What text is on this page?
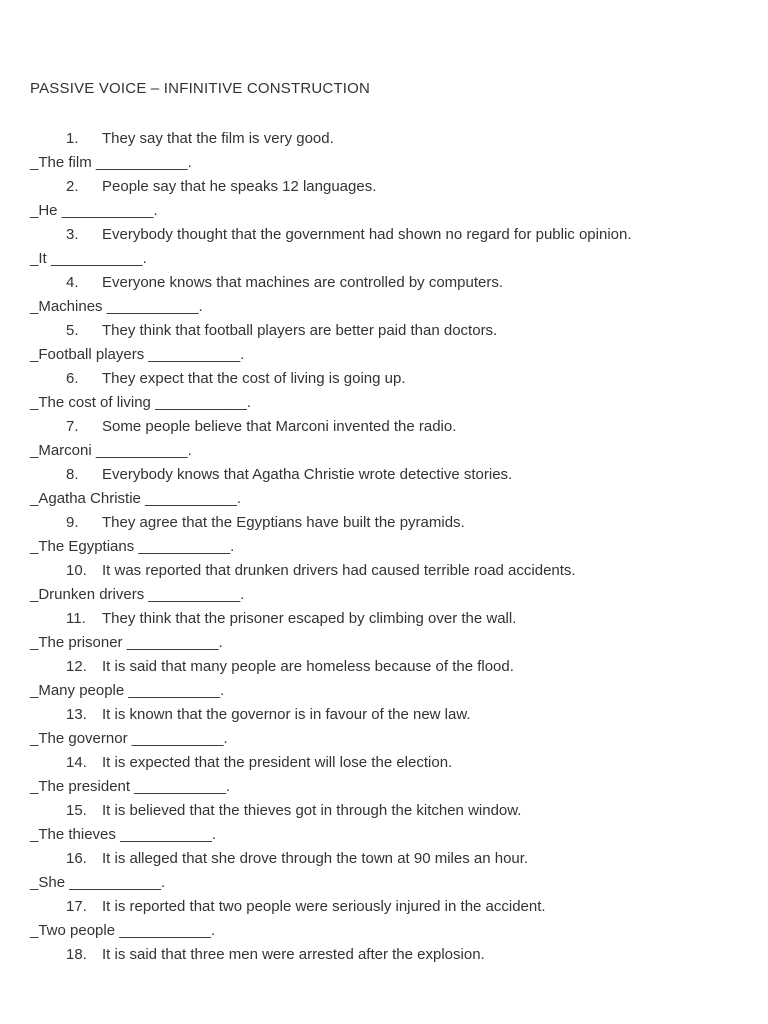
PASSIVE VOICE – INFINITIVE CONSTRUCTION
1. They say that the film is very good.
_The film ___________.
2. People say that he speaks 12 languages.
_He ___________.
3. Everybody thought that the government had shown no regard for public opinion.
_It ___________.
4. Everyone knows that machines are controlled by computers.
_Machines ___________.
5. They think that football players are better paid than doctors.
_Football players ___________.
6. They expect that the cost of living is going up.
_The cost of living ___________.
7. Some people believe that Marconi invented the radio.
_Marconi ___________.
8. Everybody knows that Agatha Christie wrote detective stories.
_Agatha Christie ___________.
9. They agree that the Egyptians have built the pyramids.
_The Egyptians ___________.
10. It was reported that drunken drivers had caused terrible road accidents.
_Drunken drivers ___________.
11. They think that the prisoner escaped by climbing over the wall.
_The prisoner ___________.
12. It is said that many people are homeless because of the flood.
_Many people ___________.
13. It is known that the governor is in favour of the new law.
_The governor ___________.
14. It is expected that the president will lose the election.
_The president ___________.
15. It is believed that the thieves got in through the kitchen window.
_The thieves ___________.
16. It is alleged that she drove through the town at 90 miles an hour.
_She ___________.
17. It is reported that two people were seriously injured in the accident.
_Two people ___________.
18. It is said that three men were arrested after the explosion.
